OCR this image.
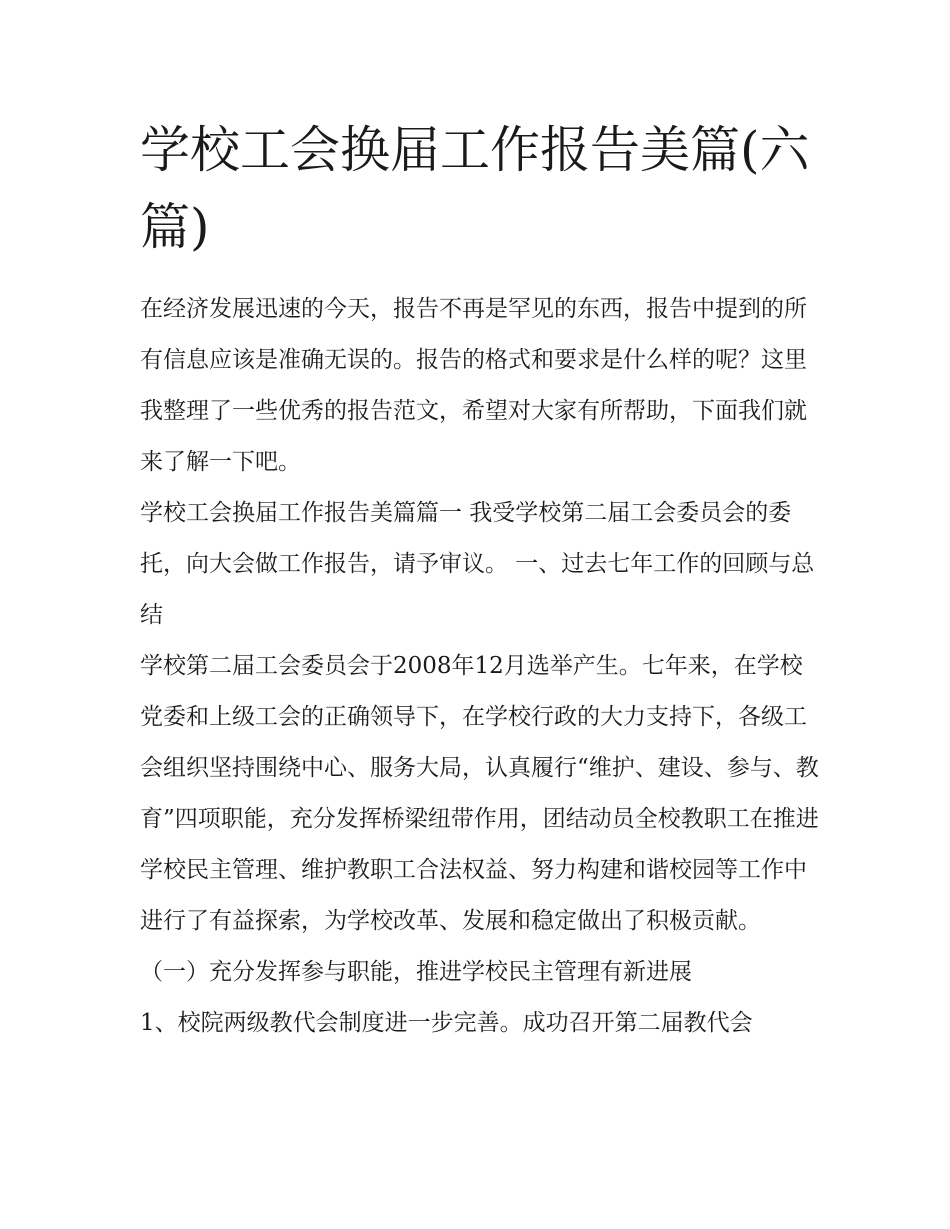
学校工会换届工作报告美篇(六篇)

在经济发展迅速的今天，报告不再是罕见的东西，报告中提到的所有信息应该是准确无误的。报告的格式和要求是什么样的呢？这里我整理了一些优秀的报告范文，希望对大家有所帮助，下面我们就来了解一下吧。

学校工会换届工作报告美篇篇一 我受学校第二届工会委员会的委托，向大会做工作报告，请予审议。 一、过去七年工作的回顾与总结

学校第二届工会委员会于2008年12月选举产生。七年来，在学校党委和上级工会的正确领导下，在学校行政的大力支持下，各级工会组织坚持围绕中心、服务大局，认真履行“维护、建设、参与、教育”四项职能，充分发挥桥梁纽带作用，团结动员全校教职工在推进学校民主管理、维护教职工合法权益、努力构建和谐校园等工作中进行了有益探索，为学校改革、发展和稳定做出了积极贡献。

（一）充分发挥参与职能，推进学校民主管理有新进展

1、校院两级教代会制度进一步完善。成功召开第二届教代会
